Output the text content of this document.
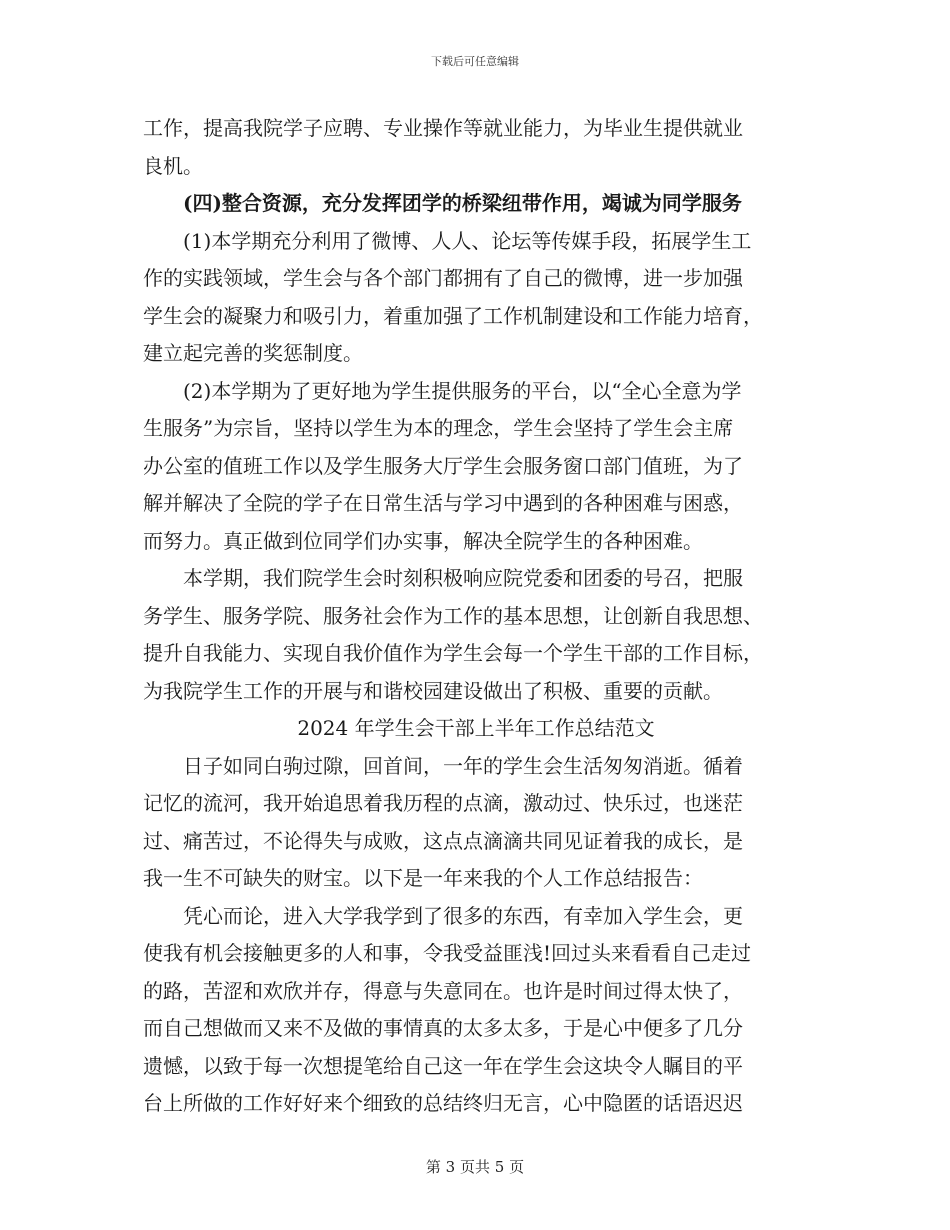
下载后可任意编辑
工作，提高我院学子应聘、专业操作等就业能力，为毕业生提供就业
良机。
(四)整合资源，充分发挥团学的桥梁纽带作用，竭诚为同学服务
(1)本学期充分利用了微博、人人、论坛等传媒手段，拓展学生工
作的实践领域，学生会与各个部门都拥有了自己的微博，进一步加强
学生会的凝聚力和吸引力，着重加强了工作机制建设和工作能力培育，
建立起完善的奖惩制度。
(2)本学期为了更好地为学生提供服务的平台，以“全心全意为学
生服务”为宗旨，坚持以学生为本的理念，学生会坚持了学生会主席
办公室的值班工作以及学生服务大厅学生会服务窗口部门值班，为了
解并解决了全院的学子在日常生活与学习中遇到的各种困难与困惑，
而努力。真正做到位同学们办实事，解决全院学生的各种困难。
本学期，我们院学生会时刻积极响应院党委和团委的号召，把服
务学生、服务学院、服务社会作为工作的基本思想，让创新自我思想、
提升自我能力、实现自我价值作为学生会每一个学生干部的工作目标，
为我院学生工作的开展与和谐校园建设做出了积极、重要的贡献。
2024 年学生会干部上半年工作总结范文
日子如同白驹过隙，回首间，一年的学生会生活匆匆消逝。循着
记忆的流河，我开始追思着我历程的点滴，激动过、快乐过，也迷茫
过、痛苦过，不论得失与成败，这点点滴滴共同见证着我的成长，是
我一生不可缺失的财宝。以下是一年来我的个人工作总结报告：
凭心而论，进入大学我学到了很多的东西，有幸加入学生会，更
使我有机会接触更多的人和事，令我受益匪浅!回过头来看看自己走过
的路，苦涩和欢欣并存，得意与失意同在。也许是时间过得太快了，
而自己想做而又来不及做的事情真的太多太多，于是心中便多了几分
遗憾，以致于每一次想提笔给自己这一年在学生会这块令人瞩目的平
台上所做的工作好好来个细致的总结终归无言，心中隐匿的话语迟迟
第 3 页共 5 页
